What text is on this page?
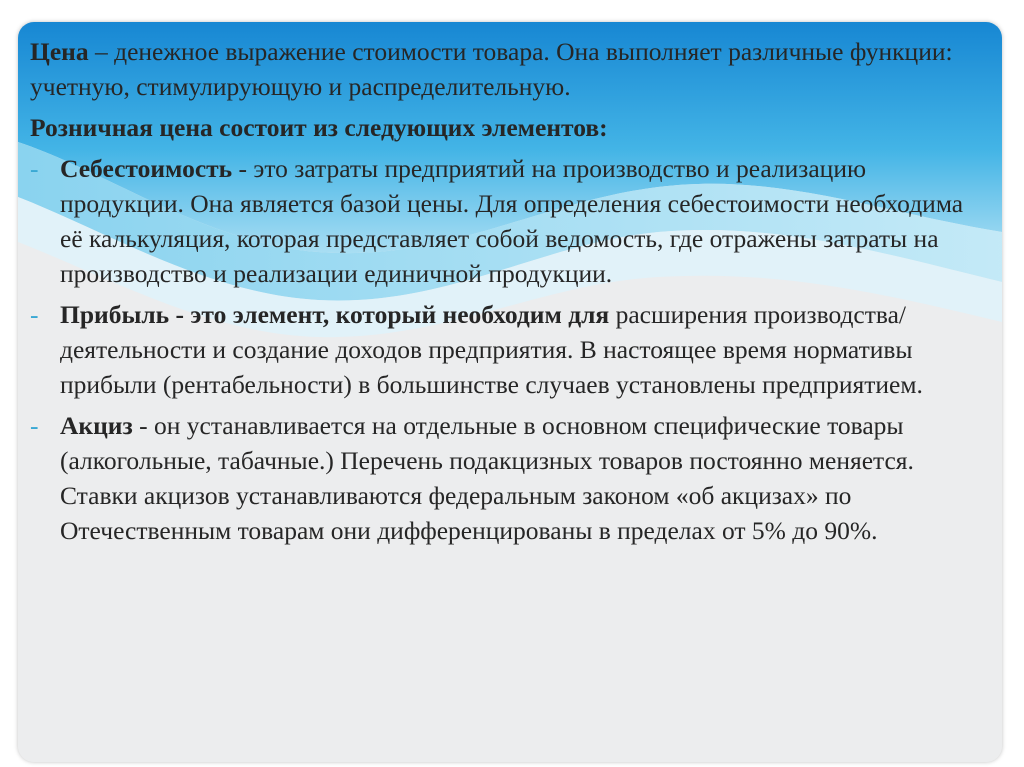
Цена – денежное выражение стоимости товара. Она выполняет различные функции: учетную, стимулирующую и распределительную.

Розничная цена состоит из следующих элементов:

- Себестоимость - это затраты предприятий на производство и реализацию продукции. Она является базой цены. Для определения себестоимости необходима её калькуляция, которая представляет собой ведомость, где отражены затраты на производство и реализации единичной продукции.
- Прибыль - это элемент, который необходим для расширения производства/деятельности и создание доходов предприятия. В настоящее время нормативы прибыли (рентабельности) в большинстве случаев установлены предприятием.
- Акциз - он устанавливается на отдельные в основном специфические товары (алкогольные, табачные.) Перечень подакцизных товаров постоянно меняется. Ставки акцизов устанавливаются федеральным законом «об акцизах» по Отечественным товарам они дифференцированы в пределах от 5% до 90%.
